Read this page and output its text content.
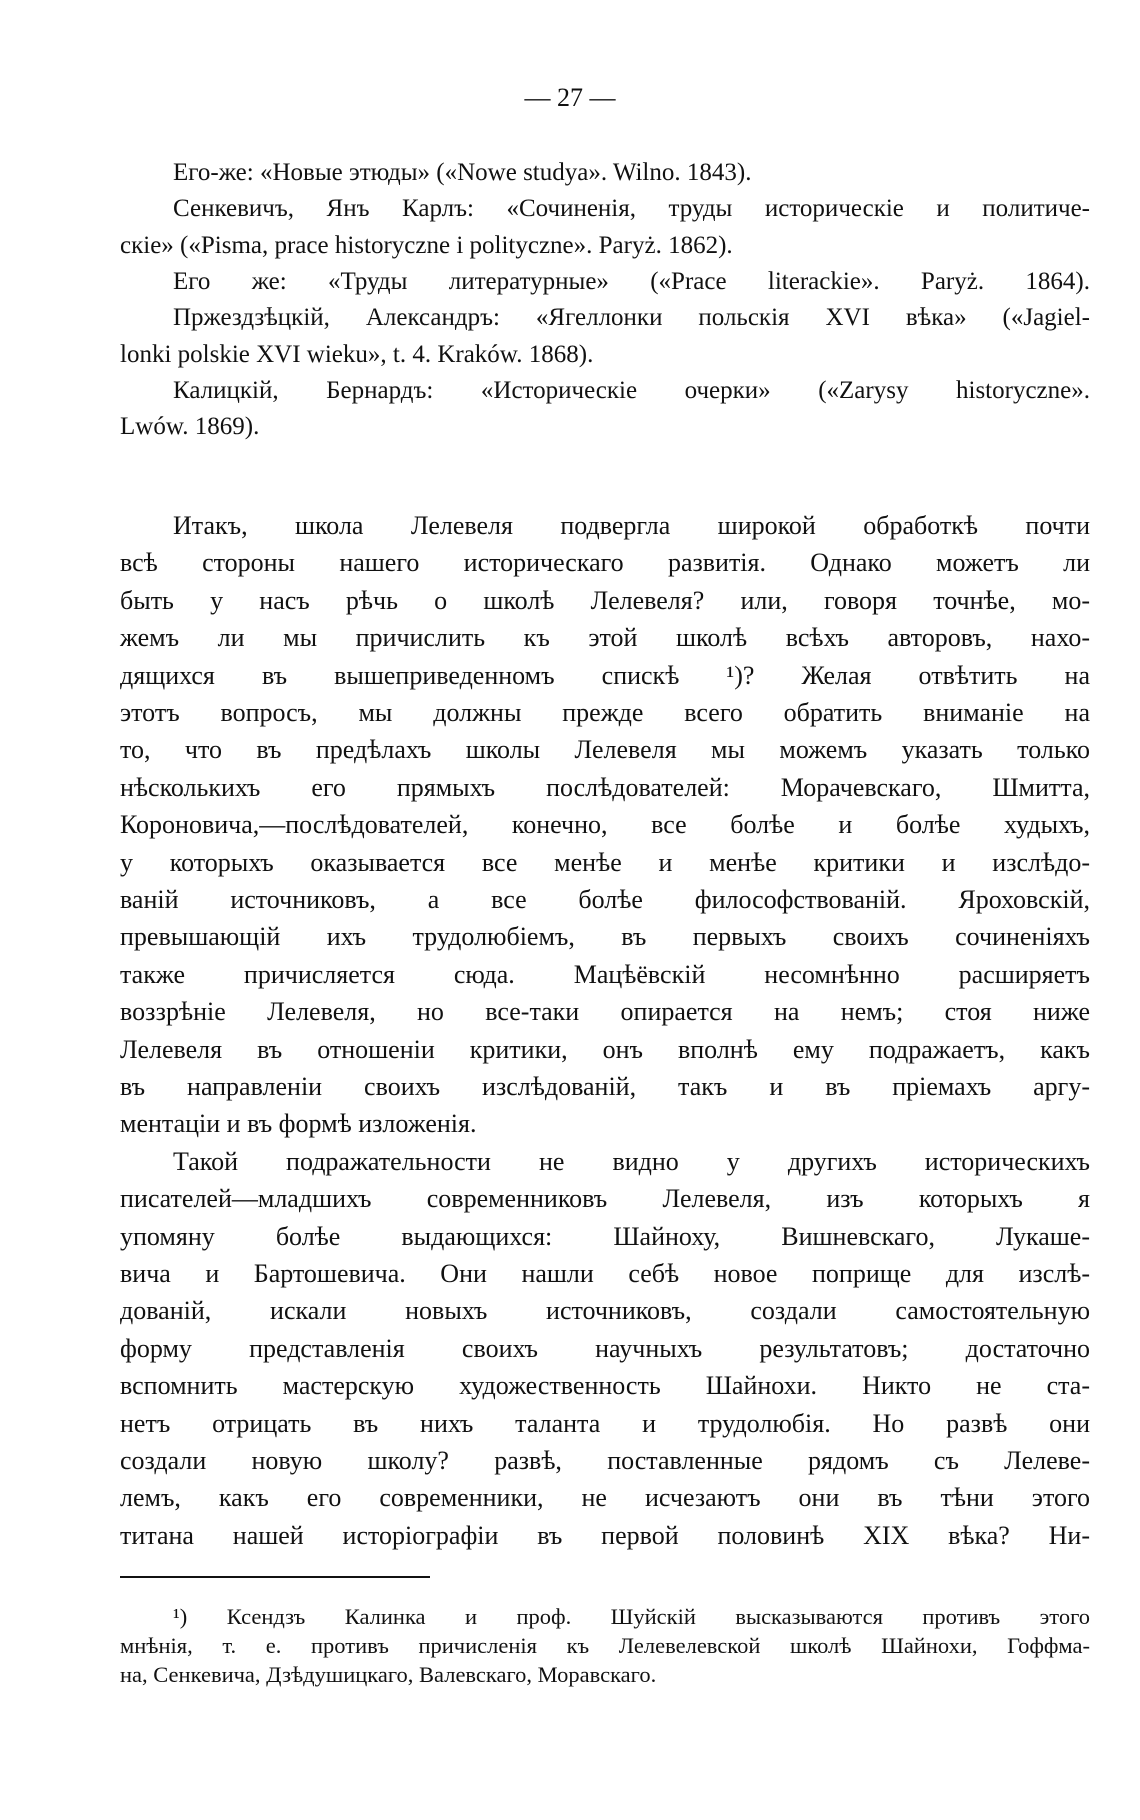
— 27 —
Его-же: «Новые этюды» («Nowe studya». Wilno. 1843).
Сенкевичъ, Янъ Карлъ: «Сочиненія, труды историческіе и политиче-
скіе» («Pisma, prace historyczne i polityczne». Paryż. 1862).
Его же: «Труды литературные» («Prace literackie». Paryż. 1864).
Пржездзѣцкій, Александръ: «Ягеллонки польскія XVI вѣка» («Jagiel-
lonki polskie XVI wieku», t. 4. Kraków. 1868).
Калицкій, Бернардъ: «Историческіе очерки» («Zarysy historyczne».
Lwów. 1869).
Итакъ, школа Лелевеля подвергла широкой обработкѣ почти
всѣ стороны нашего историческаго развитія. Однако можетъ ли
быть у насъ рѣчь о школѣ Лелевеля? или, говоря точнѣе, мо-
жемъ ли мы причислить къ этой школѣ всѣхъ авторовъ, нахо-
дящихся въ вышеприведенномъ спискѣ ¹)? Желая отвѣтить на
этотъ вопросъ, мы должны прежде всего обратить вниманіе на
то, что въ предѣлахъ школы Лелевеля мы можемъ указать только
нѣсколькихъ его прямыхъ послѣдователей: Морачевскаго, Шмитта,
Короновича,—послѣдователей, конечно, все болѣе и болѣе худыхъ,
у которыхъ оказывается все менѣе и менѣе критики и изслѣдо-
ваній источниковъ, а все болѣе философствованій. Яроховскій,
превышающій ихъ трудолюбіемъ, въ первыхъ своихъ сочиненіяхъ
также причисляется сюда. Мацѣёвскій несомнѣнно расширяетъ
воззрѣніе Лелевеля, но все-таки опирается на немъ; стоя ниже
Лелевеля въ отношеніи критики, онъ вполнѣ ему подражаетъ, какъ
въ направленіи своихъ изслѣдованій, такъ и въ пріемахъ аргу-
ментаціи и въ формѣ изложенія.
Такой подражательности не видно у другихъ историческихъ
писателей—младшихъ современниковъ Лелевеля, изъ которыхъ я
упомяну болѣе выдающихся: Шайноху, Вишневскаго, Лукаше-
вича и Бартошевича. Они нашли себѣ новое поприще для изслѣ-
дованій, искали новыхъ источниковъ, создали самостоятельную
форму представленія своихъ научныхъ результатовъ; достаточно
вспомнить мастерскую художественность Шайнохи. Никто не ста-
нетъ отрицать въ нихъ таланта и трудолюбія. Но развѣ они
создали новую школу? развѣ, поставленные рядомъ съ Лелеве-
лемъ, какъ его современники, не исчезаютъ они въ тѣни этого
титана нашей исторіографіи въ первой половинѣ XIX вѣка? Ни-
¹) Ксендзъ Калинка и проф. Шуйскій высказываются противъ этого
мнѣнія, т. е. противъ причисленія къ Лелевелевской школѣ Шайнохи, Гоффма-
на, Сенкевича, Дзѣдушицкаго, Валевскаго, Моравскаго.
